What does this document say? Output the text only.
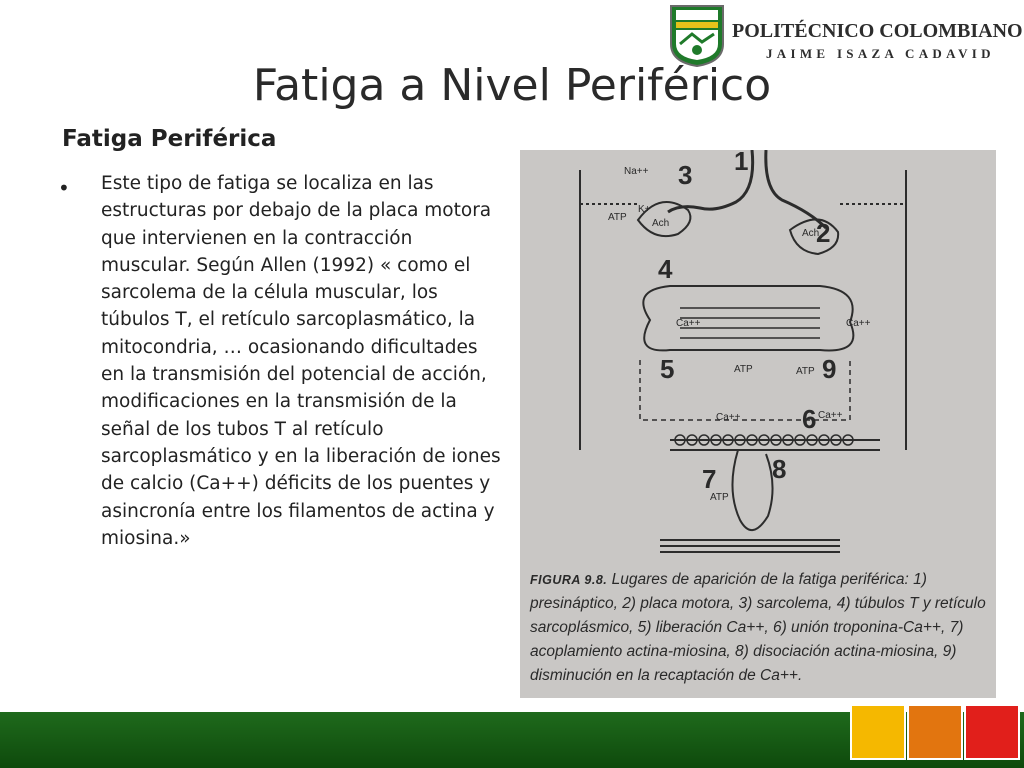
POLITÉCNICO COLOMBIANO
JAIME ISAZA CADAVID
Fatiga a Nivel Periférico
Fatiga Periférica
• Este tipo de fatiga se localiza en las estructuras por debajo de la placa motora que intervienen en la contracción muscular. Según Allen (1992) « como el sarcolema de la célula muscular, los túbulos T, el retículo sarcoplasmático, la mitocondria, … ocasionando dificultades en la transmisión del potencial de acción, modificaciones en la transmisión de la señal de los tubos T al retículo sarcoplasmático y en la liberación de iones de calcio (Ca++) déficits de los puentes y asincronía entre los filamentos de actina y miosina.»

1
2
3
4
5
6
7 8
9
Na++
K+
ATP
Ach
Ach
Ca++	Ca++
ATP	ATP
Ca++	Ca++
ATP
FIGURA 9.8. Lugares de aparición de la fatiga periférica: 1) presináptico, 2) placa motora, 3) sarcolema, 4) túbulos T y retículo sarcoplásmico, 5) liberación Ca++, 6) unión troponina-Ca++, 7) acoplamiento actina-miosina, 8) disociación actina-miosina, 9) disminución en la recaptación de Ca++.
